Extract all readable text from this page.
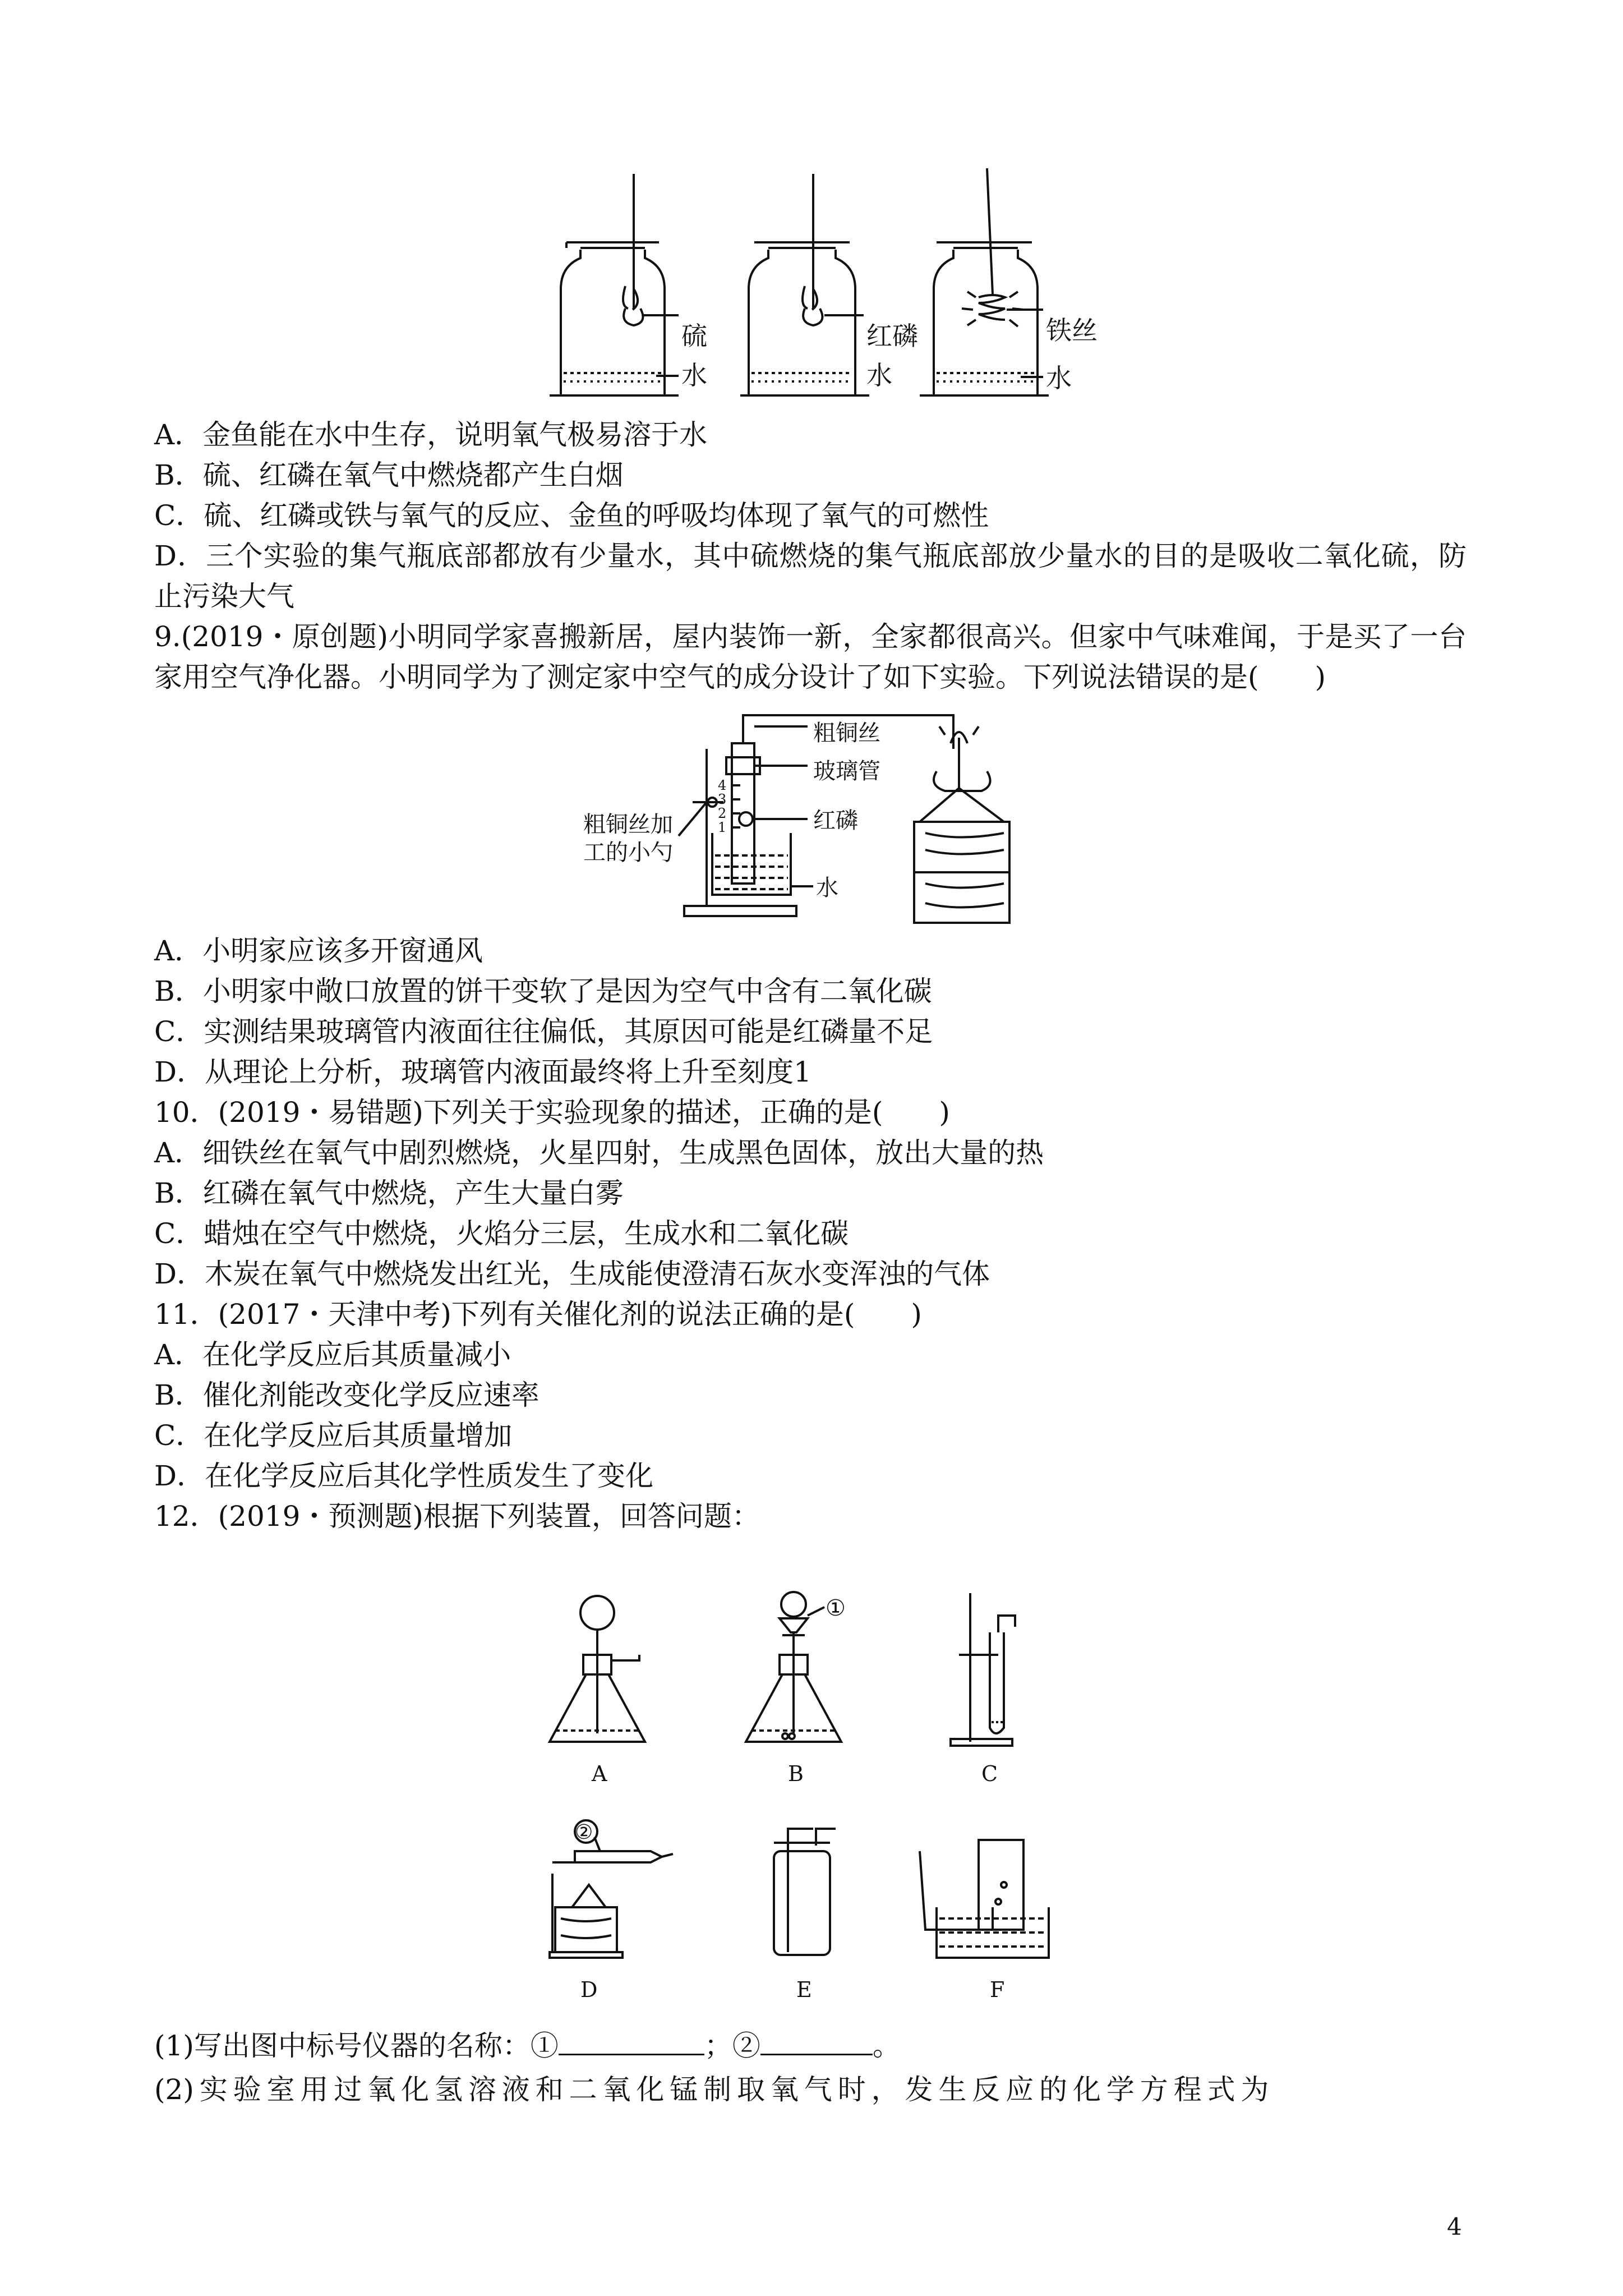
硫
水
红磷
水
铁丝
水
A．金鱼能在水中生存，说明氧气极易溶于水
B．硫、红磷在氧气中燃烧都产生白烟
C．硫、红磷或铁与氧气的反应、金鱼的呼吸均体现了氧气的可燃性
D．三个实验的集气瓶底部都放有少量水，其中硫燃烧的集气瓶底部放少量水的目的是吸收二氧化硫，防
止污染大气
9.(2019・原创题)小明同学家喜搬新居，屋内装饰一新，全家都很高兴。但家中气味难闻，于是买了一台
家用空气净化器。小明同学为了测定家中空气的成分设计了如下实验。下列说法错误的是(　　)
4
3
2
1
粗铜丝
玻璃管
红磷
粗铜丝加
工的小勺
水
A．小明家应该多开窗通风
B．小明家中敞口放置的饼干变软了是因为空气中含有二氧化碳
C．实测结果玻璃管内液面往往偏低，其原因可能是红磷量不足
D．从理论上分析，玻璃管内液面最终将上升至刻度1
10．(2019・易错题)下列关于实验现象的描述，正确的是(　　)
A．细铁丝在氧气中剧烈燃烧，火星四射，生成黑色固体，放出大量的热
B．红磷在氧气中燃烧，产生大量白雾
C．蜡烛在空气中燃烧，火焰分三层，生成水和二氧化碳
D．木炭在氧气中燃烧发出红光，生成能使澄清石灰水变浑浊的气体
11．(2017・天津中考)下列有关催化剂的说法正确的是(　　)
A．在化学反应后其质量减小
B．催化剂能改变化学反应速率
C．在化学反应后其质量增加
D．在化学反应后其化学性质发生了变化
12．(2019・预测题)根据下列装置，回答问题：
A
①
B	C
②
D	E	F
(1)写出图中标号仪器的名称：①	；②	。
(2) 实 验 室 用 过 氧 化 氢 溶 液 和 二 氧 化 锰 制 取 氧 气 时 ， 发 生 反 应 的 化 学 方 程 式 为
4
